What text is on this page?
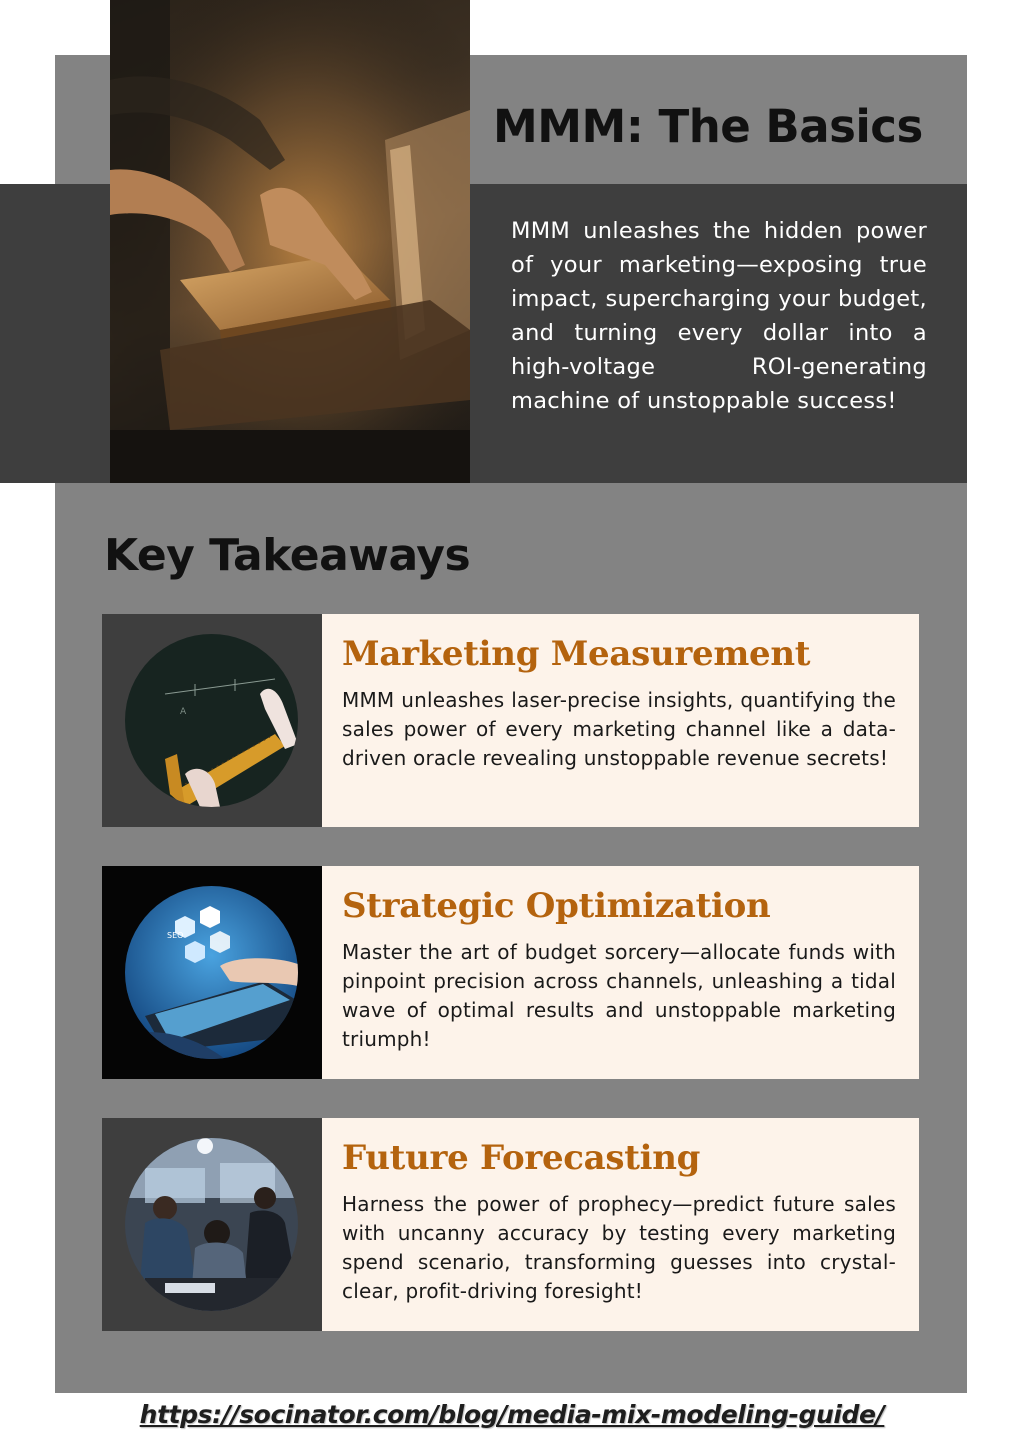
MMM: The Basics
MMM unleashes the hidden power of your marketing—exposing true impact, supercharging your budget, and turning every dollar into a high-voltage ROI-generating machine of unstoppable success!
Key Takeaways
A
Marketing Measurement
MMM unleashes laser-precise insights, quantifying the sales power of every marketing channel like a data-driven oracle revealing unstoppable revenue secrets!
SEO
Strategic Optimization
Master the art of budget sorcery—allocate funds with pinpoint precision across channels, unleashing a tidal wave of optimal results and unstoppable marketing triumph!
Future Forecasting
Harness the power of prophecy—predict future sales with uncanny accuracy by testing every marketing spend scenario, transforming guesses into crystal-clear, profit-driving foresight!
https://socinator.com/blog/media-mix-modeling-guide/
